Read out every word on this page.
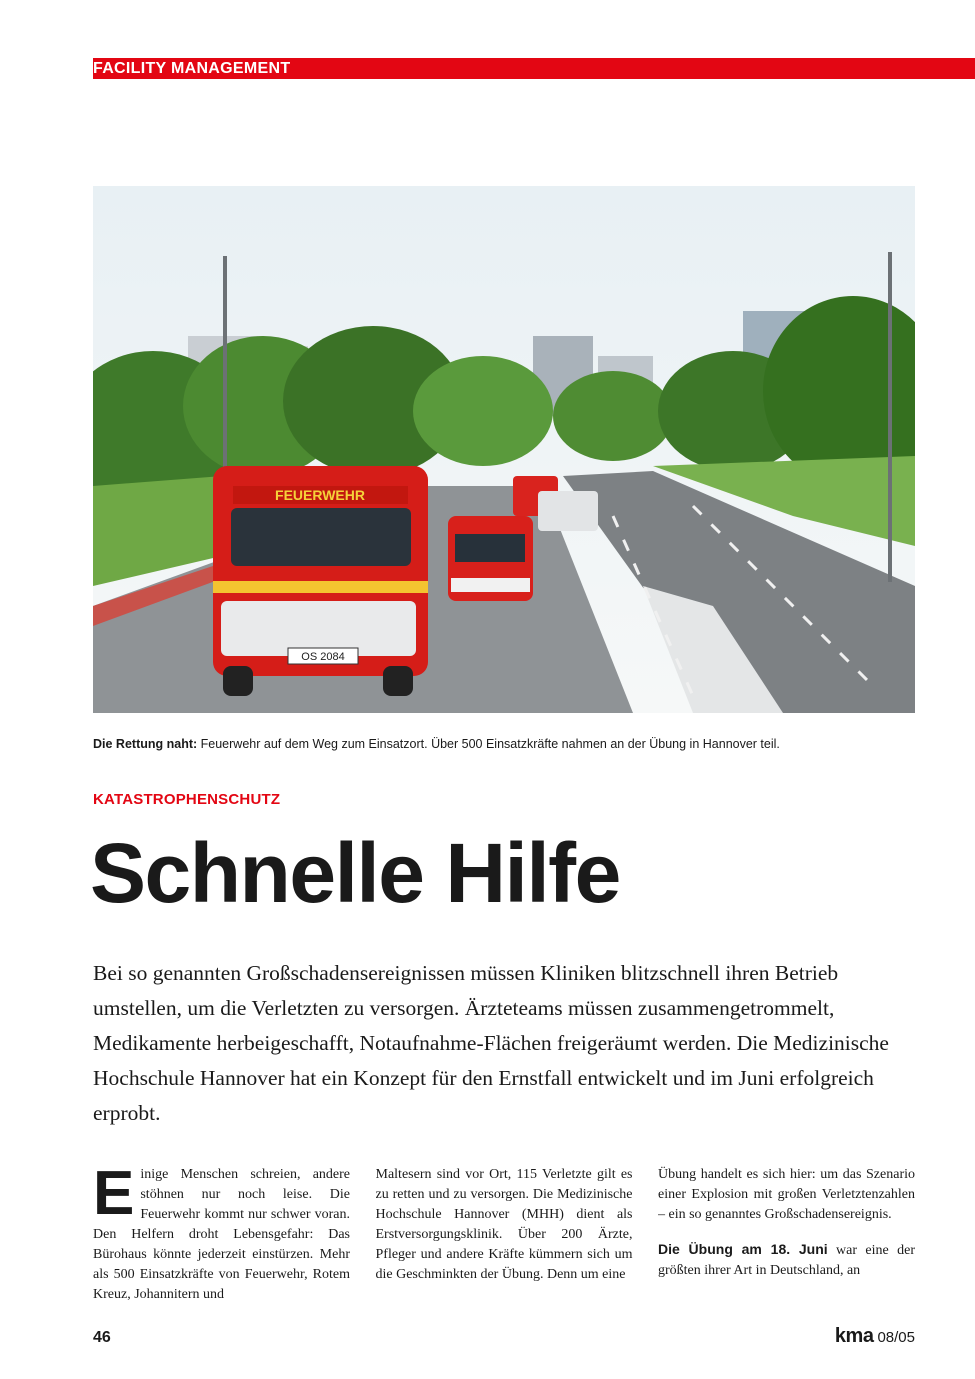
FACILITY MANAGEMENT
FEUERWEHR
OS 2084
Die Rettung naht: Feuerwehr auf dem Weg zum Einsatzort. Über 500 Einsatzkräfte nahmen an der Übung in Hannover teil.
KATASTROPHENSCHUTZ
Schnelle Hilfe

Bei so genannten Großschadensereignissen müssen Kliniken blitzschnell ihren Betrieb umstellen, um die Verletzten zu versorgen. Ärzteteams müssen zusammengetrommelt, Medikamente herbeigeschafft, Notaufnahme-Flächen freigeräumt werden. Die Medizinische Hochschule Hannover hat ein Konzept für den Ernstfall entwickelt und im Juni erfolgreich erprobt.

Einige Menschen schreien, andere stöhnen nur noch leise. Die Feuerwehr kommt nur schwer voran. Den Helfern droht Lebensgefahr: Das Bürohaus könnte jederzeit einstürzen. Mehr als 500 Einsatzkräfte von Feuerwehr, Rotem Kreuz, Johannitern und

Maltesern sind vor Ort, 115 Verletzte gilt es zu retten und zu versorgen. Die Medizinische Hochschule Hannover (MHH) dient als Erstversorgungsklinik. Über 200 Ärzte, Pfleger und andere Kräfte kümmern sich um die Geschminkten der Übung. Denn um eine

Übung handelt es sich hier: um das Szenario einer Explosion mit großen Verletztenzahlen – ein so genanntes Großschadensereignis.
Die Übung am 18. Juni war eine der größten ihrer Art in Deutschland, an

46	kma 08/05
